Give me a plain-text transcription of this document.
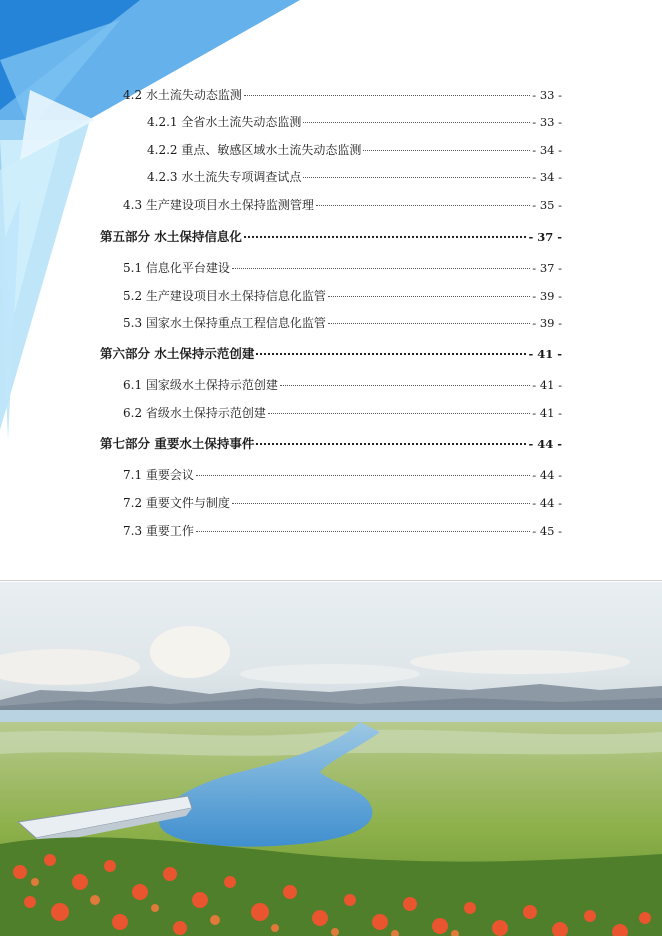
4.2 水土流失动态监测	- 33 -
4.2.1 全省水土流失动态监测	- 33 -
4.2.2 重点、敏感区域水土流失动态监测	- 34 -
4.2.3 水土流失专项调查试点	- 34 -
4.3 生产建设项目水土保持监测管理	- 35 -
第五部分 水土保持信息化	- 37 -
5.1 信息化平台建设	- 37 -
5.2 生产建设项目水土保持信息化监管	- 39 -
5.3 国家水土保持重点工程信息化监管	- 39 -
第六部分 水土保持示范创建	- 41 -
6.1 国家级水土保持示范创建	- 41 -
6.2 省级水土保持示范创建	- 41 -
第七部分 重要水土保持事件	- 44 -
7.1 重要会议	- 44 -
7.2 重要文件与制度	- 44 -
7.3 重要工作	- 45 -
